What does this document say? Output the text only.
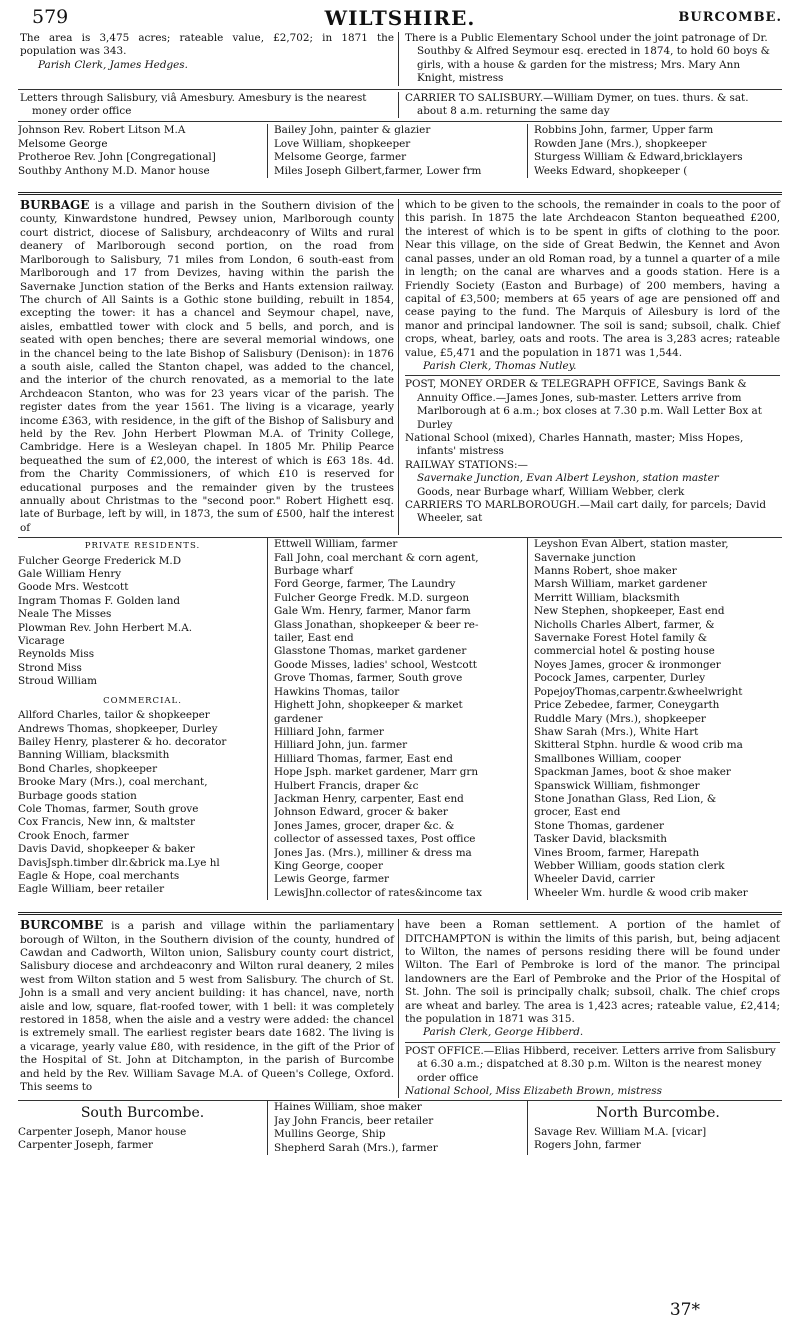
579	WILTSHIRE.	BURCOMBE.

The area is 3,475 acres; rateable value, £2,702; in 1871 the population was 343.

Parish Clerk, James Hedges.

There is a Public Elementary School under the joint patronage of Dr. Southby & Alfred Seymour esq. erected in 1874, to hold 60 boys & girls, with a house & garden for the mistress; Mrs. Mary Ann Knight, mistress

Letters through Salisbury, viâ Amesbury. Amesbury is the nearest money order office

CARRIER TO SALISBURY.—William Dymer, on tues. thurs. & sat. about 8 a.m. returning the same day

Johnson Rev. Robert Litson M.A
Melsome George
Protheroe Rev. John [Congregational]
Southby Anthony M.D. Manor house
Bailey John, painter & glazier
Love William, shopkeeper
Melsome George, farmer
Miles Joseph Gilbert,farmer, Lower frm
Robbins John, farmer, Upper farm
Rowden Jane (Mrs.), shopkeeper
Sturgess William & Edward,bricklayers
Weeks Edward, shopkeeper (

BURBAGE is a village and parish in the Southern division of the county, Kinwardstone hundred, Pewsey union, Marlborough county court district, diocese of Salisbury, archdeaconry of Wilts and rural deanery of Marlborough second portion, on the road from Marlborough to Salisbury, 71 miles from London, 6 south-east from Marlborough and 17 from Devizes, having within the parish the Savernake Junction station of the Berks and Hants extension railway. The church of All Saints is a Gothic stone building, rebuilt in 1854, excepting the tower: it has a chancel and Seymour chapel, nave, aisles, embattled tower with clock and 5 bells, and porch, and is seated with open benches; there are several memorial windows, one in the chancel being to the late Bishop of Salisbury (Denison): in 1876 a south aisle, called the Stanton chapel, was added to the chancel, and the interior of the church renovated, as a memorial to the late Archdeacon Stanton, who was for 23 years vicar of the parish. The register dates from the year 1561. The living is a vicarage, yearly income £363, with residence, in the gift of the Bishop of Salisbury and held by the Rev. John Herbert Plowman M.A. of Trinity College, Cambridge. Here is a Wesleyan chapel. In 1805 Mr. Philip Pearce bequeathed the sum of £2,000, the interest of which is £63 18s. 4d. from the Charity Commissioners, of which £10 is reserved for educational purposes and the remainder given by the trustees annually about Christmas to the "second poor." Robert Highett esq. late of Burbage, left by will, in 1873, the sum of £500, half the interest of

which to be given to the schools, the remainder in coals to the poor of this parish. In 1875 the late Archdeacon Stanton bequeathed £200, the interest of which is to be spent in gifts of clothing to the poor. Near this village, on the side of Great Bedwin, the Kennet and Avon canal passes, under an old Roman road, by a tunnel a quarter of a mile in length; on the canal are wharves and a goods station. Here is a Friendly Society (Easton and Burbage) of 200 members, having a capital of £3,500; members at 65 years of age are pensioned off and cease paying to the fund. The Marquis of Ailesbury is lord of the manor and principal landowner. The soil is sand; subsoil, chalk. Chief crops, wheat, barley, oats and roots. The area is 3,283 acres; rateable value, £5,471 and the population in 1871 was 1,544.

Parish Clerk, Thomas Nutley.

POST, MONEY ORDER & TELEGRAPH OFFICE, Savings Bank & Annuity Office.—James Jones, sub-master. Letters arrive from Marlborough at 6 a.m.; box closes at 7.30 p.m. Wall Letter Box at Durley

National School (mixed), Charles Hannath, master; Miss Hopes, infants' mistress

RAILWAY STATIONS:—

Savernake Junction, Evan Albert Leyshon, station master

Goods, near Burbage wharf, William Webber, clerk

CARRIERS TO MARLBOROUGH.—Mail cart daily, for parcels; David Wheeler, sat

PRIVATE RESIDENTS.
Fulcher George Frederick M.D
Gale William Henry
Goode Mrs. Westcott
Ingram Thomas F. Golden land
Neale The Misses
Plowman Rev. John Herbert M.A.
Vicarage
Reynolds Miss
Strond Miss
Stroud William
COMMERCIAL.
Allford Charles, tailor & shopkeeper
Andrews Thomas, shopkeeper, Durley
Bailey Henry, plasterer & ho. decorator
Banning William, blacksmith
Bond Charles, shopkeeper
Brooke Mary (Mrs.), coal merchant,
Burbage goods station
Cole Thomas, farmer, South grove
Cox Francis, New inn, & maltster
Crook Enoch, farmer
Davis David, shopkeeper & baker
DavisJsph.timber dlr.&brick ma.Lye hl
Eagle & Hope, coal merchants
Eagle William, beer retailer
Ettwell William, farmer
Fall John, coal merchant & corn agent,
Burbage wharf
Ford George, farmer, The Laundry
Fulcher George Fredk. M.D. surgeon
Gale Wm. Henry, farmer, Manor farm
Glass Jonathan, shopkeeper & beer re-
tailer, East end
Glasstone Thomas, market gardener
Goode Misses, ladies' school, Westcott
Grove Thomas, farmer, South grove
Hawkins Thomas, tailor
Highett John, shopkeeper & market
gardener
Hilliard John, farmer
Hilliard John, jun. farmer
Hilliard Thomas, farmer, East end
Hope Jsph. market gardener, Marr grn
Hulbert Francis, draper &c
Jackman Henry, carpenter, East end
Johnson Edward, grocer & baker
Jones James, grocer, draper &c. &
collector of assessed taxes, Post office
Jones Jas. (Mrs.), milliner & dress ma
King George, cooper
Lewis George, farmer
LewisJhn.collector of rates&income tax
Leyshon Evan Albert, station master,
Savernake junction
Manns Robert, shoe maker
Marsh William, market gardener
Merritt William, blacksmith
New Stephen, shopkeeper, East end
Nicholls Charles Albert, farmer, &
Savernake Forest Hotel family &
commercial hotel & posting house
Noyes James, grocer & ironmonger
Pocock James, carpenter, Durley
PopejoyThomas,carpentr.&wheelwright
Price Zebedee, farmer, Coneygarth
Ruddle Mary (Mrs.), shopkeeper
Shaw Sarah (Mrs.), White Hart
Skitteral Stphn. hurdle & wood crib ma
Smallbones William, cooper
Spackman James, boot & shoe maker
Spanswick William, fishmonger
Stone Jonathan Glass, Red Lion, &
grocer, East end
Stone Thomas, gardener
Tasker David, blacksmith
Vines Broom, farmer, Harepath
Webber William, goods station clerk
Wheeler David, carrier
Wheeler Wm. hurdle & wood crib maker

BURCOMBE is a parish and village within the parliamentary borough of Wilton, in the Southern division of the county, hundred of Cawdan and Cadworth, Wilton union, Salisbury county court district, Salisbury diocese and archdeaconry and Wilton rural deanery, 2 miles west from Wilton station and 5 west from Salisbury. The church of St. John is a small and very ancient building: it has chancel, nave, north aisle and low, square, flat-roofed tower, with 1 bell: it was completely restored in 1858, when the aisle and a vestry were added: the chancel is extremely small. The earliest register bears date 1682. The living is a vicarage, yearly value £80, with residence, in the gift of the Prior of the Hospital of St. John at Ditchampton, in the parish of Burcombe and held by the Rev. William Savage M.A. of Queen's College, Oxford. This seems to

have been a Roman settlement. A portion of the hamlet of DITCHAMPTON is within the limits of this parish, but, being adjacent to Wilton, the names of persons residing there will be found under Wilton. The Earl of Pembroke is lord of the manor. The principal landowners are the Earl of Pembroke and the Prior of the Hospital of St. John. The soil is principally chalk; subsoil, chalk. The chief crops are wheat and barley. The area is 1,423 acres; rateable value, £2,414; the population in 1871 was 315.

Parish Clerk, George Hibberd.

POST OFFICE.—Elias Hibberd, receiver. Letters arrive from Salisbury at 6.30 a.m.; dispatched at 8.30 p.m. Wilton is the nearest money order office

National School, Miss Elizabeth Brown, mistress

South Burcombe.
Carpenter Joseph, Manor house
Carpenter Joseph, farmer
Haines William, shoe maker
Jay John Francis, beer retailer
Mullins George, Ship
Shepherd Sarah (Mrs.), farmer
North Burcombe.
Savage Rev. William M.A. [vicar]
Rogers John, farmer
37*
